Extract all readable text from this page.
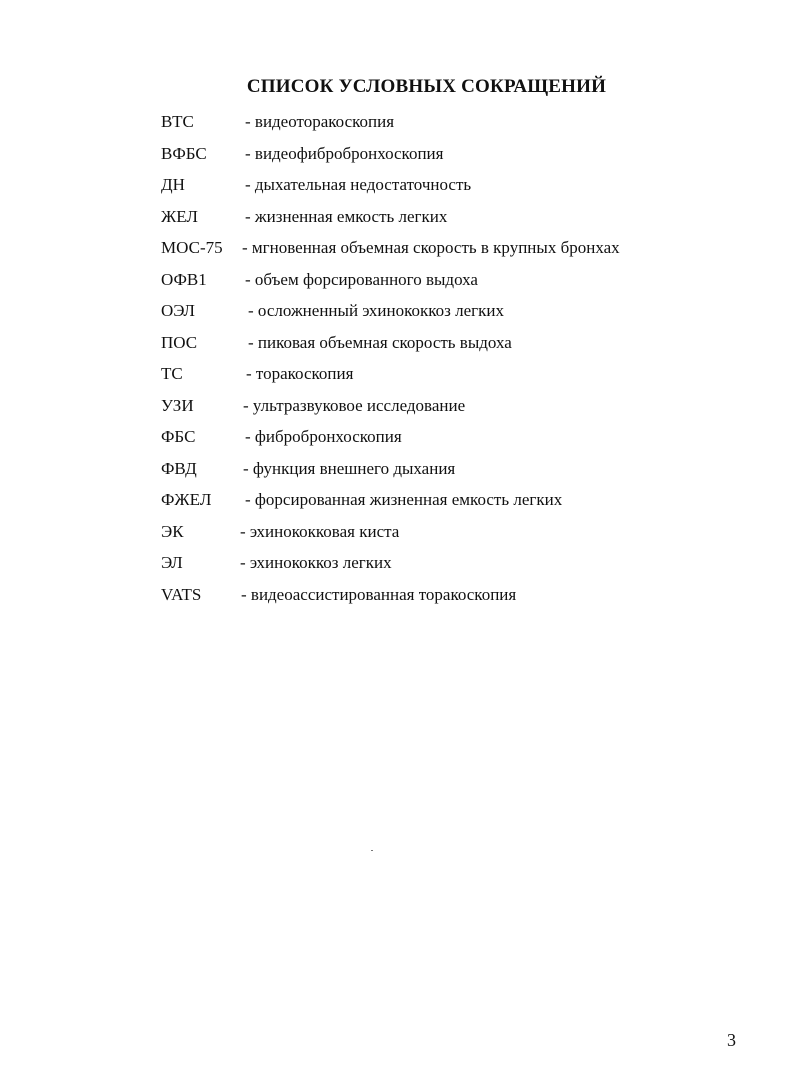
СПИСОК УСЛОВНЫХ СОКРАЩЕНИЙ
ВТС	- видеоторакоскопия
ВФБС - видеофибробронхоскопия
ДН	- дыхательная недостаточность
ЖЕЛ	- жизненная емкость легких
МОС-75 - мгновенная объемная скорость в крупных бронхах
ОФВ1 - объем форсированного выдоха
ОЭЛ	- осложненный эхинококкоз легких
ПОС	- пиковая объемная скорость выдоха
ТС	- торакоскопия
УЗИ	- ультразвуковое исследование
ФБС	- фибробронхоскопия
ФВД	- функция внешнего дыхания
ФЖЕЛ - форсированная жизненная емкость легких
ЭК	- эхинококковая киста
ЭЛ	- эхинококкоз легких
VATS - видеоассистированная торакоскопия
3
